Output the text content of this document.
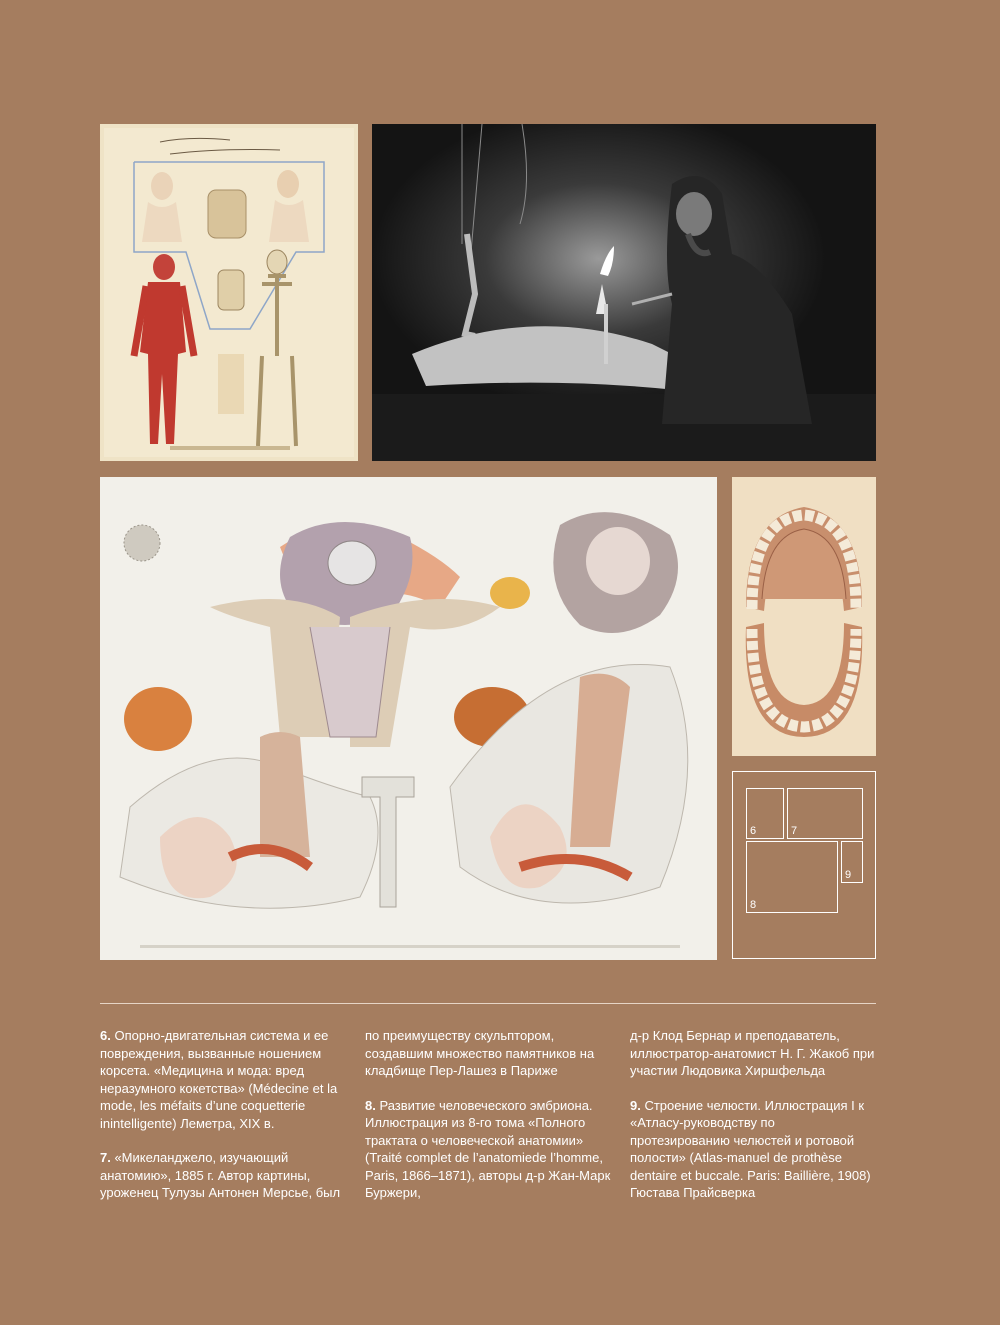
6	7
8
9

6. Опорно-двигательная система и ее повреждения, вызванные ношением корсета. «Медицина и мода: вред неразумного кокетства» (Médecine et la mode, les méfaits d’une coquetterie inintelligente) Леметра, XIX в.

7. «Микеланджело, изучающий анатомию», 1885 г. Автор картины, уроженец Тулузы Антонен Мерсье, был

по преимуществу скульптором, создавшим множество памятников на кладбище Пер-Лашез в Париже

8. Развитие человеческого эмбриона. Иллюстрация из 8-го тома «Полного трактата о человеческой анатомии» (Traité complet de l’anatomiede l’homme, Paris, 1866–1871), авторы д-р Жан-Марк Буржери,

д-р Клод Бернар и преподаватель, иллюстратор-анатомист Н. Г. Жакоб при участии Людовика Хиршфельда

9. Строение челюсти. Иллюстрация I к «Атласу-руководству по протезированию челюстей и ротовой полости» (Atlas-manuel de prothèse dentaire et buccale. Paris: Baillière, 1908) Гюстава Прайсверка
